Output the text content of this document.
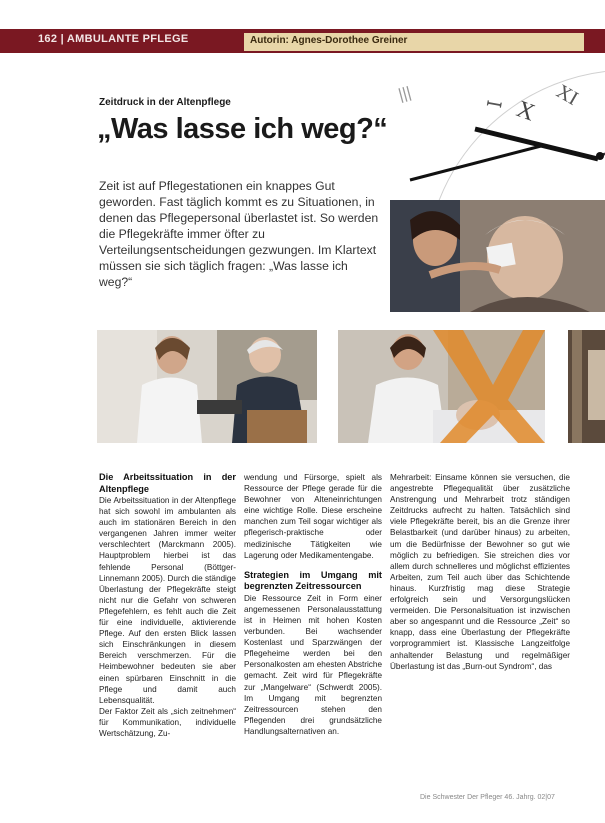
162 | AMBULANTE PFLEGE	Autorin: Agnes-Dorothee Greiner
|||	ꟷ X
XI
Zeitdruck in der Altenpflege
„Was lasse ich weg?“
Zeit ist auf Pflegestationen ein knappes Gut geworden. Fast täglich kommt es zu Situationen, in denen das Pflegepersonal überlastet ist. So werden die Pflegekräfte immer öfter zu Verteilungsentscheidungen gezwungen. Im Klartext müssen sie sich täglich fragen: „Was lasse ich weg?“

Die Arbeitssituation in der Altenpflege

Die Arbeitssituation in der Altenpflege hat sich sowohl im ambulanten als auch im stationären Bereich in den vergangenen Jahren immer weiter verschlechtert (Marckmann 2005). Hauptproblem hierbei ist das fehlende Personal (Böttger-Linnemann 2005). Durch die ständige Überlastung der Pflegekräfte steigt nicht nur die Gefahr von schweren Pflegefehlern, es fehlt auch die Zeit für eine individuelle, aktivierende Pflege. Auf den ersten Blick lassen sich Einschränkungen in diesem Bereich verschmerzen. Für die Heimbewohner bedeuten sie aber einen spürbaren Einschnitt in die Pflege und damit auch Lebensqualität.

Der Faktor Zeit als „sich zeitnehmen“ für Kommunikation, individuelle Wertschätzung, Zu-

wendung und Fürsorge, spielt als Ressource der Pflege gerade für die Bewohner von Alteneinrichtungen eine wichtige Rolle. Diese erscheine manchen zum Teil sogar wichtiger als pflegerisch-praktische oder medizinische Tätigkeiten wie Lagerung oder Medikamentengabe.

Strategien im Umgang mit begrenzten Zeitressourcen

Die Ressource Zeit in Form einer angemessenen Personalausstattung ist in Heimen mit hohen Kosten verbunden. Bei wachsender Kostenlast und Sparzwängen der Pflegeheime werden bei den Personalkosten am ehesten Abstriche gemacht. Zeit wird für Pflegekräfte zur „Mangelware“ (Schwerdt 2005). Im Umgang mit begrenzten Zeitressourcen stehen den Pflegenden drei grundsätzliche Handlungsalternativen an.

Mehrarbeit: Einsame können sie versuchen, die angestrebte Pflegequalität über zusätzliche Anstrengung und Mehrarbeit trotz ständigen Zeitdrucks aufrecht zu halten. Tatsächlich sind viele Pflegekräfte bereit, bis an die Grenze ihrer Belastbarkeit (und darüber hinaus) zu arbeiten, um die Bedürfnisse der Bewohner so gut wie möglich zu befriedigen. Sie streichen dies vor allem durch schnelleres und möglichst effizientes Arbeiten, zum Teil auch über das Schichtende hinaus. Kurzfristig mag diese Strategie erfolgreich sein und Versorgungslücken vermeiden. Die Personalsituation ist inzwischen aber so angespannt und die Ressource „Zeit“ so knapp, dass eine Überlastung der Pflegekräfte vorprogrammiert ist. Klassische Langzeitfolge anhaltender Belastung und regelmäßiger Überlastung ist das „Burn-out Syndrom“, das

Die Schwester Der Pfleger 46. Jahrg. 02|07
